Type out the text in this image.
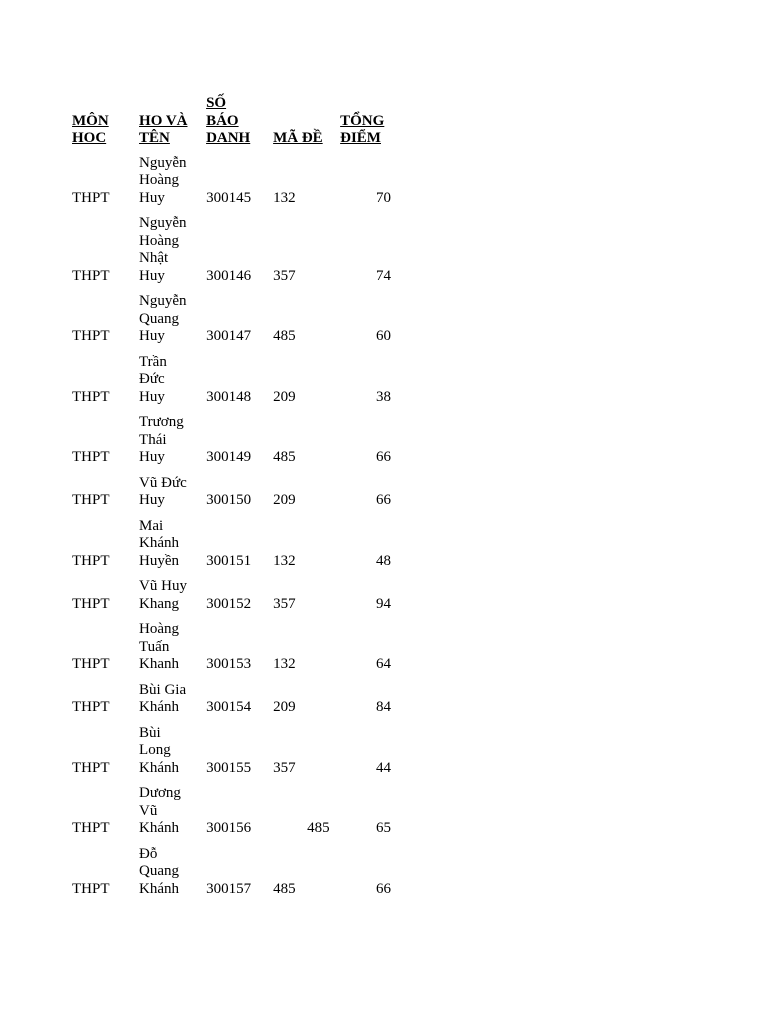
MÔN
HOC	HO VÀ
TÊN	SỐ
BÁO
DANH	MÃ ĐỀ	TỔNG
ĐIỂM
THPT	Nguyễn
Hoàng
Huy	300145	132	70
THPT	Nguyễn
Hoàng
Nhật
Huy	300146	357	74
THPT	Nguyễn
Quang
Huy	300147	485	60
THPT	Trần
Đức
Huy	300148	209	38
THPT	Trương
Thái
Huy	300149	485	66
THPT	Vũ Đức
Huy	300150	209	66
THPT	Mai
Khánh
Huyền	300151	132	48
THPT	Vũ Huy
Khang	300152	357	94
THPT	Hoàng
Tuấn
Khanh	300153	132	64
THPT	Bùi Gia
Khánh	300154	209	84
THPT	Bùi
Long
Khánh	300155	357	44
THPT	Dương
Vũ
Khánh	300156	485	65
THPT	Đỗ
Quang
Khánh	300157	485	66
